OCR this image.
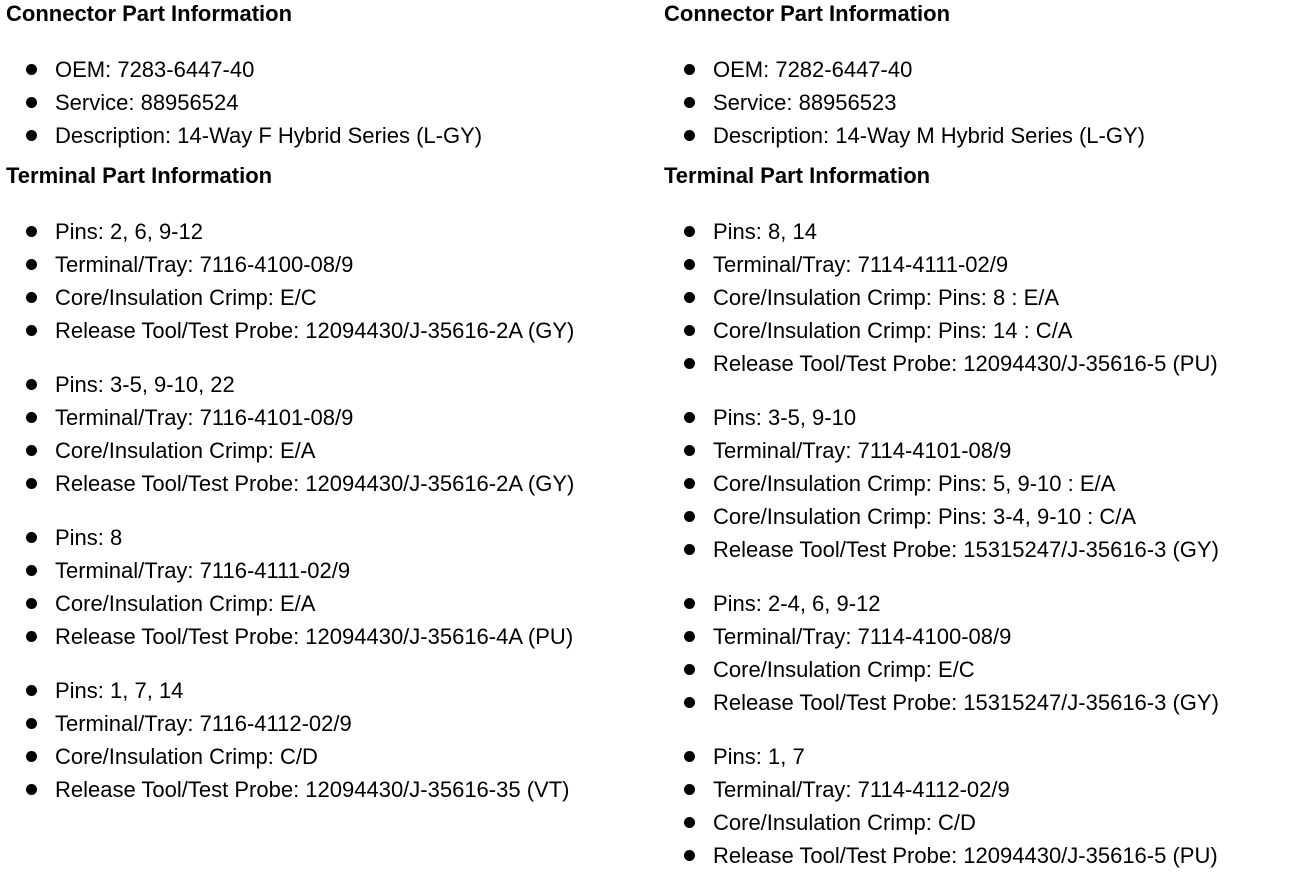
Connector Part Information
OEM: 7283-6447-40
Service: 88956524
Description: 14-Way F Hybrid Series (L-GY)
Terminal Part Information
Pins: 2, 6, 9-12
Terminal/Tray: 7116-4100-08/9
Core/Insulation Crimp: E/C
Release Tool/Test Probe: 12094430/J-35616-2A (GY)
Pins: 3-5, 9-10, 22
Terminal/Tray: 7116-4101-08/9
Core/Insulation Crimp: E/A
Release Tool/Test Probe: 12094430/J-35616-2A (GY)
Pins: 8
Terminal/Tray: 7116-4111-02/9
Core/Insulation Crimp: E/A
Release Tool/Test Probe: 12094430/J-35616-4A (PU)
Pins: 1, 7, 14
Terminal/Tray: 7116-4112-02/9
Core/Insulation Crimp: C/D
Release Tool/Test Probe: 12094430/J-35616-35 (VT)
Connector Part Information
OEM: 7282-6447-40
Service: 88956523
Description: 14-Way M Hybrid Series (L-GY)
Terminal Part Information
Pins: 8, 14
Terminal/Tray: 7114-4111-02/9
Core/Insulation Crimp: Pins: 8 : E/A
Core/Insulation Crimp: Pins: 14 : C/A
Release Tool/Test Probe: 12094430/J-35616-5 (PU)
Pins: 3-5, 9-10
Terminal/Tray: 7114-4101-08/9
Core/Insulation Crimp: Pins: 5, 9-10 : E/A
Core/Insulation Crimp: Pins: 3-4, 9-10 : C/A
Release Tool/Test Probe: 15315247/J-35616-3 (GY)
Pins: 2-4, 6, 9-12
Terminal/Tray: 7114-4100-08/9
Core/Insulation Crimp: E/C
Release Tool/Test Probe: 15315247/J-35616-3 (GY)
Pins: 1, 7
Terminal/Tray: 7114-4112-02/9
Core/Insulation Crimp: C/D
Release Tool/Test Probe: 12094430/J-35616-5 (PU)
